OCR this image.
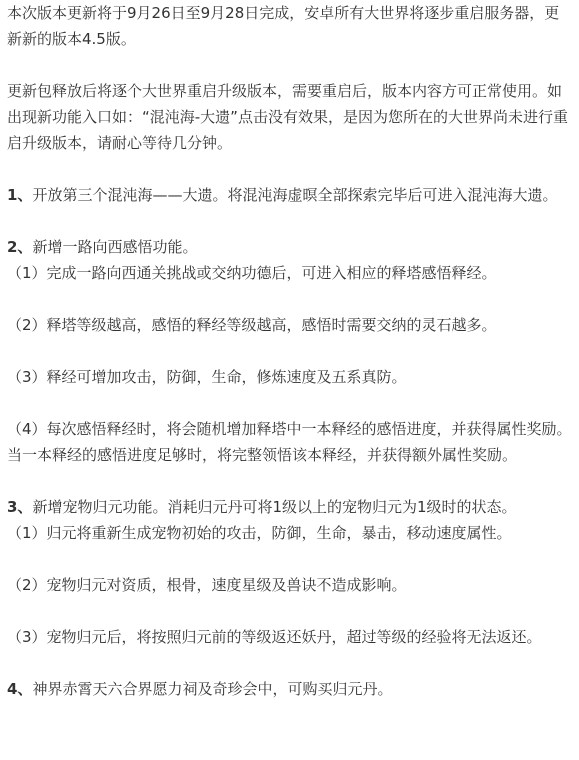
本次版本更新将于9月26日至9月28日完成，安卓所有大世界将逐步重启服务器，更新新的版本4.5版。

更新包释放后将逐个大世界重启升级版本，需要重启后，版本内容方可正常使用。如出现新功能入口如：“混沌海-大遗”点击没有效果，是因为您所在的大世界尚未进行重启升级版本，请耐心等待几分钟。

1、开放第三个混沌海——大遗。将混沌海虚暝全部探索完毕后可进入混沌海大遗。

2、新增一路向西感悟功能。

（1）完成一路向西通关挑战或交纳功德后，可进入相应的释塔感悟释经。

（2）释塔等级越高，感悟的释经等级越高，感悟时需要交纳的灵石越多。

（3）释经可增加攻击，防御，生命，修炼速度及五系真防。

（4）每次感悟释经时，将会随机增加释塔中一本释经的感悟进度，并获得属性奖励。当一本释经的感悟进度足够时，将完整领悟该本释经，并获得额外属性奖励。

3、新增宠物归元功能。消耗归元丹可将1级以上的宠物归元为1级时的状态。

（1）归元将重新生成宠物初始的攻击，防御，生命，暴击，移动速度属性。

（2）宠物归元对资质，根骨，速度星级及兽诀不造成影响。

（3）宠物归元后，将按照归元前的等级返还妖丹，超过等级的经验将无法返还。

4、神界赤霄天六合界愿力祠及奇珍会中，可购买归元丹。
